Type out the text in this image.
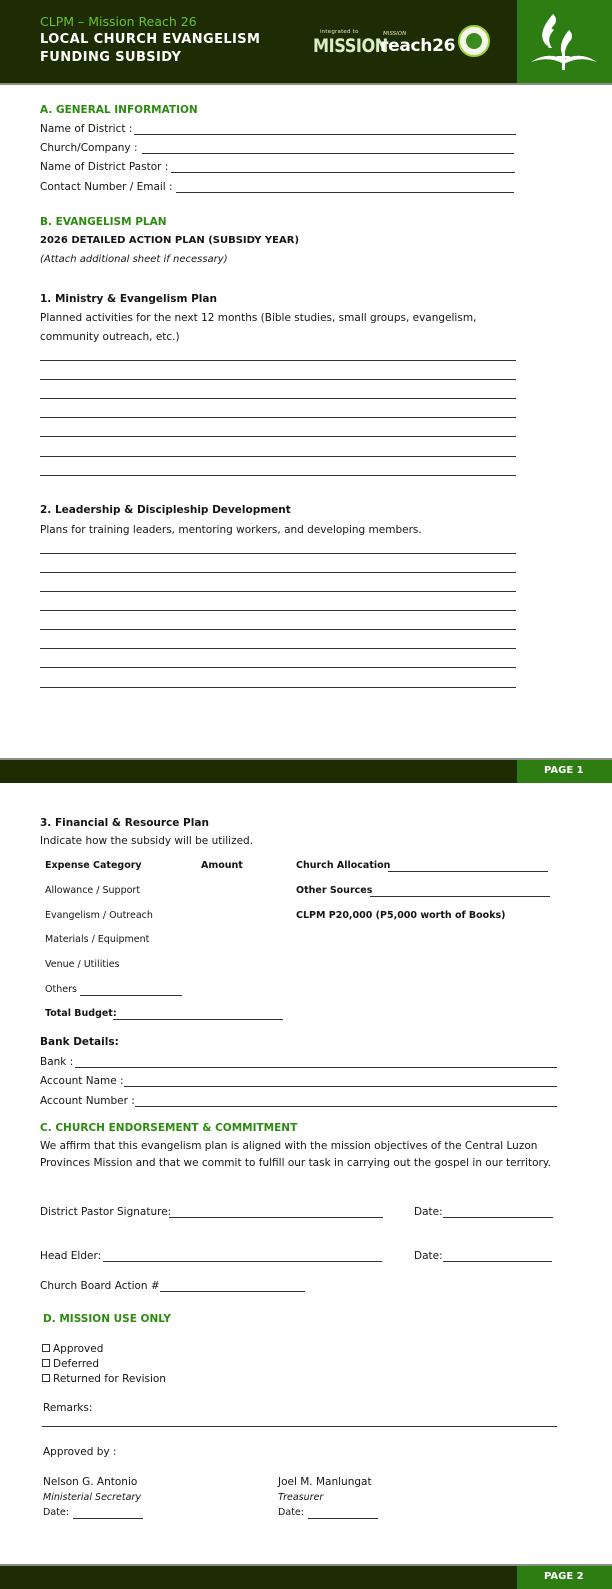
CLPM – Mission Reach 26
LOCAL CHURCH EVANGELISM
FUNDING SUBSIDY
integrated to
MISSION
MISSION
reach26
A. GENERAL INFORMATION
Name of District :
Church/Company :
Name of District Pastor :
Contact Number / Email :
B. EVANGELISM PLAN
2026 DETAILED ACTION PLAN (SUBSIDY YEAR)
(Attach additional sheet if necessary)
1. Ministry & Evangelism Plan
Planned activities for the next 12 months (Bible studies, small groups, evangelism,
community outreach, etc.)
2. Leadership & Discipleship Development
Plans for training leaders, mentoring workers, and developing members.
PAGE 1
3. Financial & Resource Plan
Indicate how the subsidy will be utilized.
Expense Category	Amount
Allowance / Support
Evangelism / Outreach
Materials / Equipment
Venue / Utilities
Others
Total Budget:
Church Allocation
Other Sources
CLPM P20,000 (P5,000 worth of Books)
Bank Details:
Bank :
Account Name :
Account Number :
C. CHURCH ENDORSEMENT & COMMITMENT
We affirm that this evangelism plan is aligned with the mission objectives of the Central Luzon
Provinces Mission and that we commit to fulfill our task in carrying out the gospel in our territory.
District Pastor Signature:	Date:
Head Elder:	Date:
Church Board Action #
D. MISSION USE ONLY
Approved
Deferred
Returned for Revision
Remarks:
Approved by :
Nelson G. Antonio
Ministerial Secretary
Date:
Joel M. Manlungat
Treasurer
Date:
PAGE 2
